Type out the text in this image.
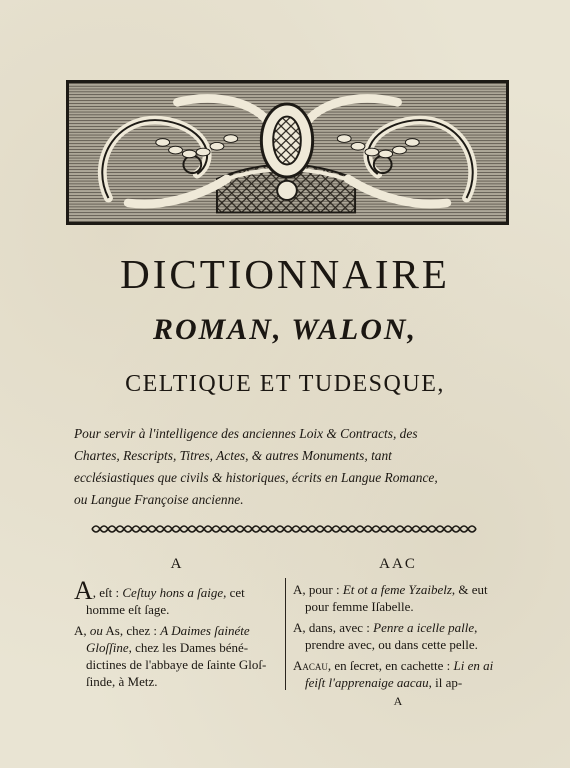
DICTIONNAIRE
ROMAN, WALON,
CELTIQUE ET TUDESQUE,
Pour servir à l'intelligence des anciennes Loix & Contracts, des
Chartes, Rescripts, Titres, Actes, & autres Monuments, tant
ecclésiastiques que civils & historiques, écrits en Langue Romance,
ou Langue Françoise ancienne.
A
A, eſt : Ceſtuy hons a ſaige, cet homme eſt ſage.
A, ou As, chez : A Daimes ſainéte Gloſſine, chez les Dames béné-dictines de l'abbaye de ſainte Gloſ-ſinde, à Metz.
AAC
A, pour : Et ot a feme Yzaibelz, & eut pour femme Iſabelle.
A, dans, avec : Penre a icelle palle, prendre avec, ou dans cette pelle.
Aacau, en ſecret, en cachette : Li en ai feiſt l'apprenaige aacau, il ap-
A
